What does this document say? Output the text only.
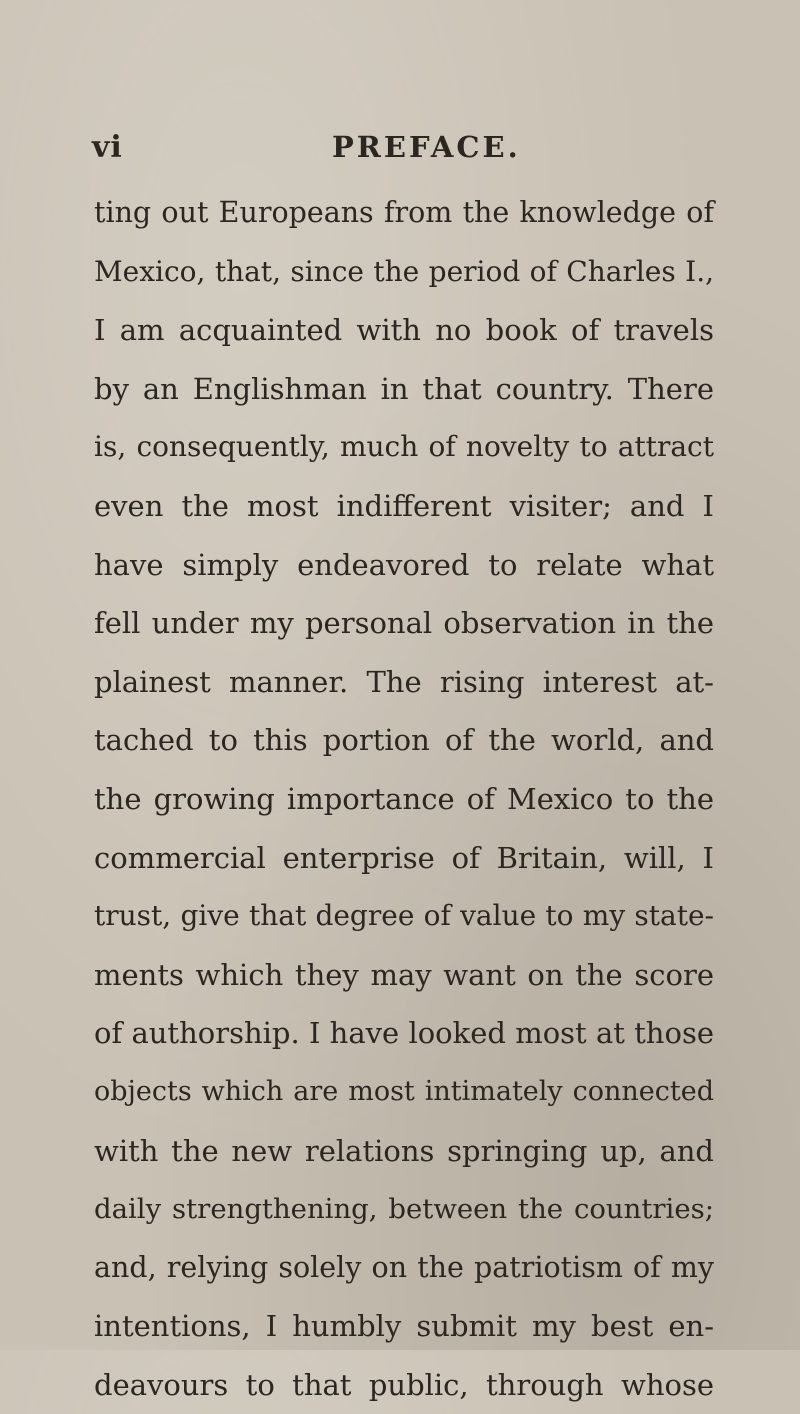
vi	PREFACE.
ting out Europeans from the knowledge of
Mexico, that, since the period of Charles I.,
I am acquainted with no book of travels
by an Englishman in that country. There
is, consequently, much of novelty to attract
even the most indifferent visiter; and I
have simply endeavored to relate what
fell under my personal observation in the
plainest manner. The rising interest at-
tached to this portion of the world, and
the growing importance of Mexico to the
commercial enterprise of Britain, will, I
trust, give that degree of value to my state-
ments which they may want on the score
of authorship. I have looked most at those
objects which are most intimately connected
with the new relations springing up, and
daily strengthening, between the countries;
and, relying solely on the patriotism of my
intentions, I humbly submit my best en-
deavours to that public, through whose
